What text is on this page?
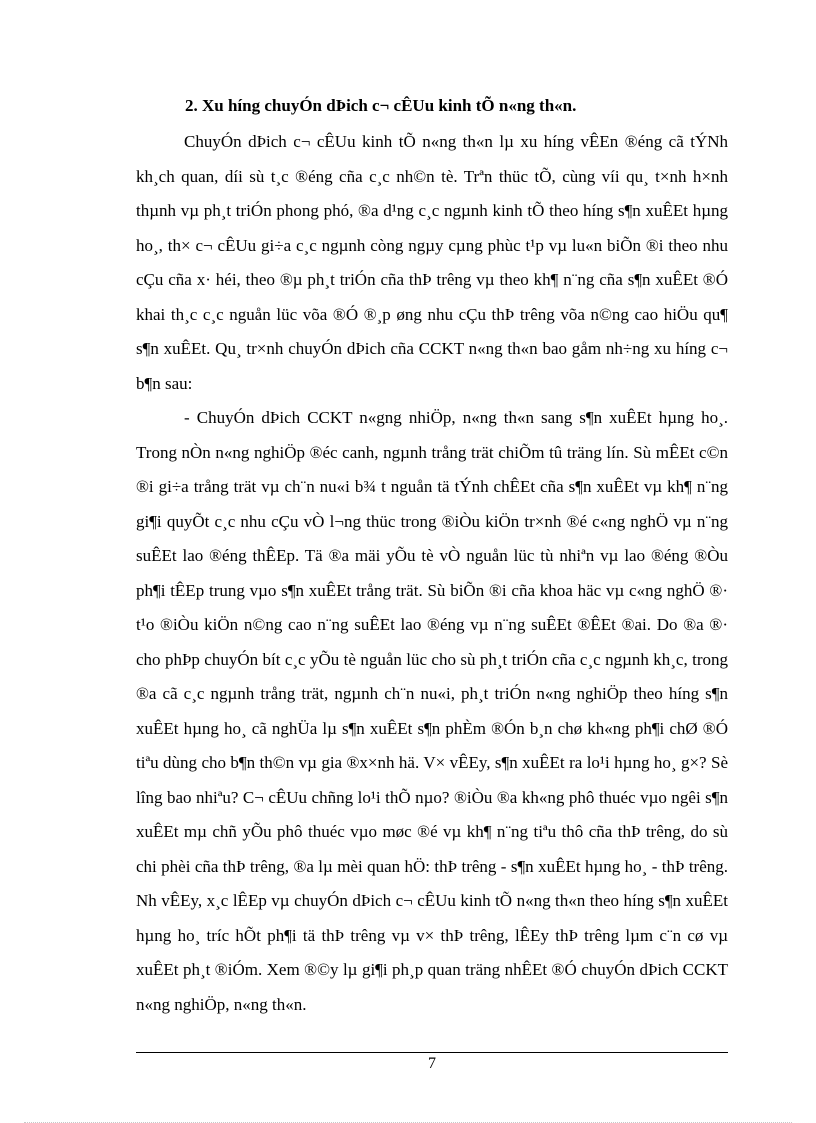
2. Xu híng chuyÓn dÞich c¬ cÊUu kinh tÕ n«ng th«n.

ChuyÓn dÞich c¬ cÊUu kinh tÕ n«ng th«n lµ xu híng vÊEn ®éng cã tÝNh kh¸ch quan, díi sù t¸c ®éng cña c¸c nh©n tè. Trªn thüc tÕ, cùng víi qu¸ t×nh h×nh thµnh vµ ph¸t triÓn phong phó, ®a d¹ng c¸c ngµnh kinh tÕ theo híng s¶n xuÊEt hµng ho¸, th× c¬ cÊUu gi÷a c¸c ngµnh còng ngµy cµng phùc t¹p vµ lu«n biÕn ®i theo nhu cÇu cña x· héi, theo ®µ ph¸t triÓn cña thÞ trêng vµ theo kh¶ n¨ng cña s¶n xuÊEt ®Ó khai th¸c c¸c nguån lüc võa ®Ó ®¸p øng nhu cÇu thÞ trêng võa n©ng cao hiÖu qu¶ s¶n xuÊEt. Qu¸ tr×nh chuyÓn dÞich cña CCKT n«ng th«n bao gåm nh÷ng xu híng c¬ b¶n sau:

- ChuyÓn dÞich CCKT n«gng nhiÖp, n«ng th«n sang s¶n xuÊEt hµng ho¸. Trong nÒn n«ng nghiÖp ®éc canh, ngµnh trång trät chiÕm tû träng lín. Sù mÊEt c©n ®i gi÷a trång trät vµ ch¨n nu«i b¾ t nguån tä tÝnh chÊEt cña s¶n xuÊEt vµ kh¶ n¨ng gi¶i quyÕt c¸c nhu cÇu vÒ l¬ng thüc trong ®iÒu kiÖn tr×nh ®é c«ng nghÖ vµ n¨ng suÊEt lao ®éng thÊEp. Tä ®a mäi yÕu tè vÒ nguån lüc tù nhiªn vµ lao ®éng ®Òu ph¶i tÊEp trung vµo s¶n xuÊEt trång trät. Sù biÕn ®i cña khoa häc vµ c«ng nghÖ ®· t¹o ®iÒu kiÖn n©ng cao n¨ng suÊEt lao ®éng vµ n¨ng suÊEt ®ÊEt ®ai. Do ®a ®· cho phÞp chuyÓn bít c¸c yÕu tè nguån lüc cho sù ph¸t triÓn cña c¸c ngµnh kh¸c, trong ®a cã c¸c ngµnh trång trät, ngµnh ch¨n nu«i, ph¸t triÓn n«ng nghiÖp theo híng s¶n xuÊEt hµng ho¸ cã nghÜa lµ s¶n xuÊEt s¶n phÈm ®Ón b¸n chø kh«ng ph¶i chØ ®Ó tiªu dùng cho b¶n th©n vµ gia ®x×nh hä. V× vÊEy, s¶n xuÊEt ra lo¹i hµng ho¸ g×? Sè lîng bao nhiªu? C¬ cÊUu chñng lo¹i thÕ nµo? ®iÒu ®a kh«ng phô thuéc vµo ngêi s¶n xuÊEt mµ chñ yÕu phô thuéc vµo møc ®é vµ kh¶ n¨ng tiªu thô cña thÞ trêng, do sù chi phèi cña thÞ trêng, ®a lµ mèi quan hÖ: thÞ trêng - s¶n xuÊEt hµng ho¸ - thÞ trêng. Nh vÊEy, x¸c lÊEp vµ chuyÓn dÞich c¬ cÊUu kinh tÕ n«ng th«n theo híng s¶n xuÊEt hµng ho¸ tríc hÕt ph¶i tä thÞ trêng vµ v× thÞ trêng, lÊEy thÞ trêng lµm c¨n cø vµ xuÊEt ph¸t ®iÓm. Xem ®©y lµ gi¶i ph¸p quan träng nhÊEt ®Ó chuyÓn dÞich CCKT n«ng nghiÖp, n«ng th«n.

7
